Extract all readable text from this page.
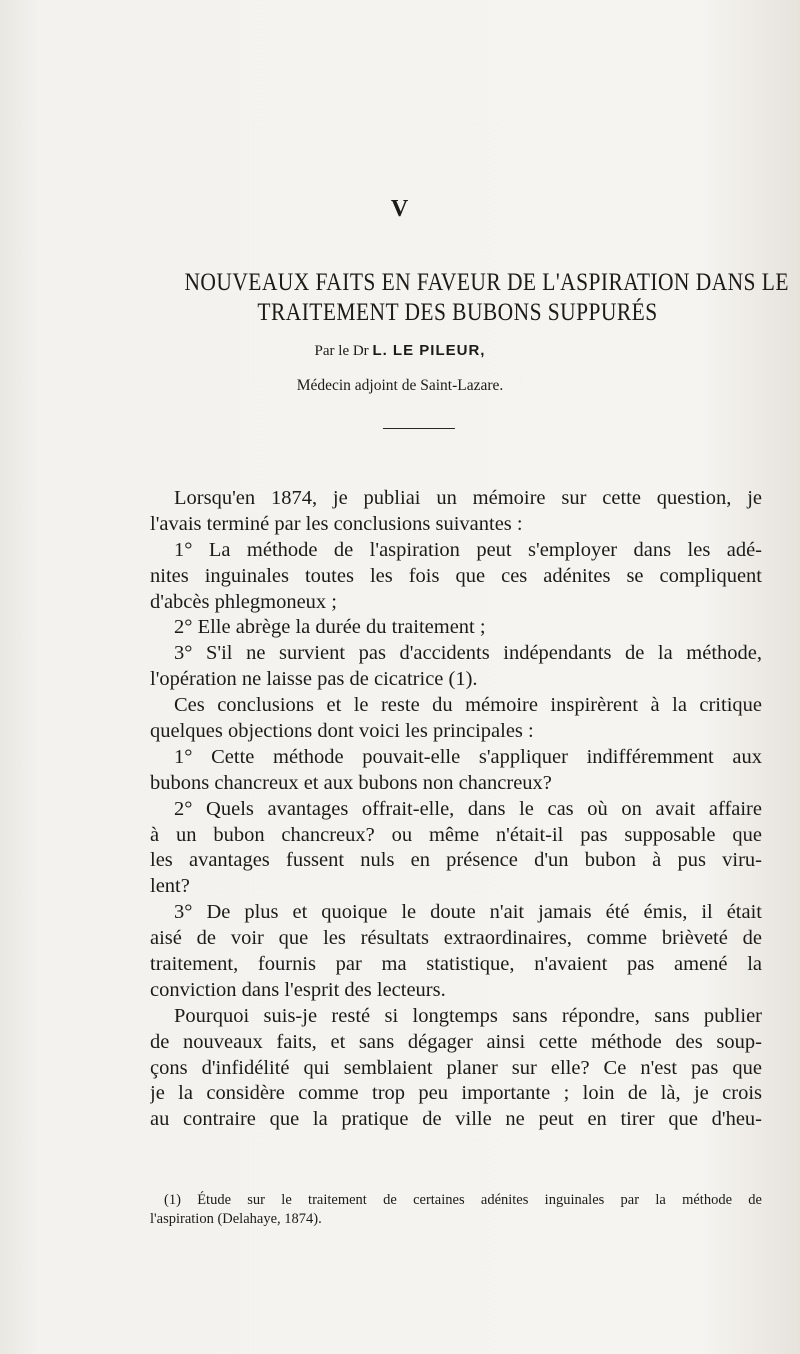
V
NOUVEAUX FAITS EN FAVEUR DE L'ASPIRATION DANS LE
TRAITEMENT DES BUBONS SUPPURÉS
Par le Dr L. LE PILEUR,
Médecin adjoint de Saint-Lazare.
Lorsqu'en 1874, je publiai un mémoire sur cette question, je
l'avais terminé par les conclusions suivantes :
1° La méthode de l'aspiration peut s'employer dans les adé-
nites inguinales toutes les fois que ces adénites se compliquent
d'abcès phlegmoneux ;
2° Elle abrège la durée du traitement ;
3° S'il ne survient pas d'accidents indépendants de la méthode,
l'opération ne laisse pas de cicatrice (1).
Ces conclusions et le reste du mémoire inspirèrent à la critique
quelques objections dont voici les principales :
1° Cette méthode pouvait-elle s'appliquer indifféremment aux
bubons chancreux et aux bubons non chancreux?
2° Quels avantages offrait-elle, dans le cas où on avait affaire
à un bubon chancreux? ou même n'était-il pas supposable que
les avantages fussent nuls en présence d'un bubon à pus viru-
lent?
3° De plus et quoique le doute n'ait jamais été émis, il était
aisé de voir que les résultats extraordinaires, comme brièveté de
traitement, fournis par ma statistique, n'avaient pas amené la
conviction dans l'esprit des lecteurs.
Pourquoi suis-je resté si longtemps sans répondre, sans publier
de nouveaux faits, et sans dégager ainsi cette méthode des soup-
çons d'infidélité qui semblaient planer sur elle? Ce n'est pas que
je la considère comme trop peu importante ; loin de là, je crois
au contraire que la pratique de ville ne peut en tirer que d'heu-
(1) Étude sur le traitement de certaines adénites inguinales par la méthode de
l'aspiration (Delahaye, 1874).
